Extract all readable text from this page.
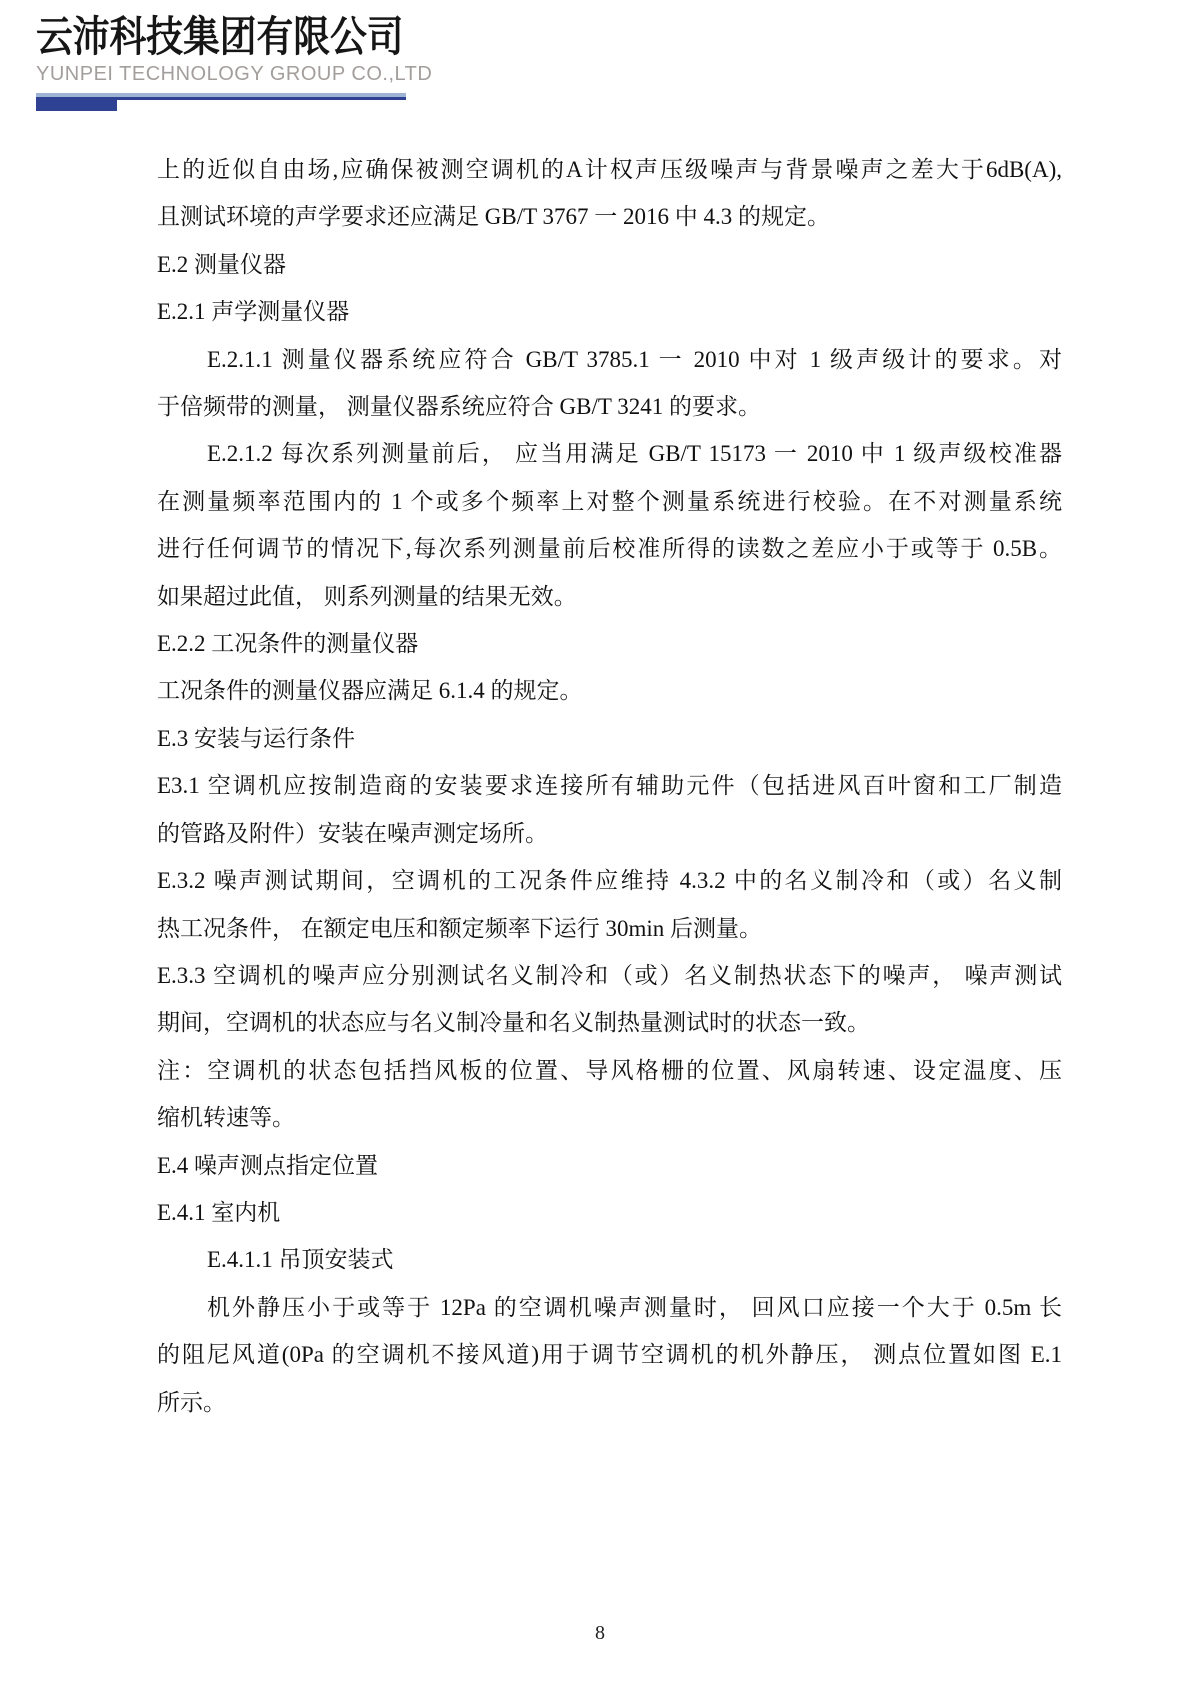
云沛科技集团有限公司
YUNPEI TECHNOLOGY GROUP CO.,LTD
上的近似自由场,应确保被测空调机的A计权声压级噪声与背景噪声之差大于6dB(A),
且测试环境的声学要求还应满足 GB/T 3767 一 2016 中 4.3 的规定。
E.2 测量仪器
E.2.1 声学测量仪器
E.2.1.1 测量仪器系统应符合 GB/T 3785.1 一 2010 中对 1 级声级计的要求。对
于倍频带的测量， 测量仪器系统应符合 GB/T 3241 的要求。
E.2.1.2 每次系列测量前后， 应当用满足 GB/T 15173 一 2010 中 1 级声级校准器
在测量频率范围内的 1 个或多个频率上对整个测量系统进行校验。在不对测量系统
进行任何调节的情况下,每次系列测量前后校准所得的读数之差应小于或等于 0.5B。
如果超过此值， 则系列测量的结果无效。
E.2.2 工况条件的测量仪器
工况条件的测量仪器应满足 6.1.4 的规定。
E.3 安装与运行条件
E3.1 空调机应按制造商的安装要求连接所有辅助元件（包括进风百叶窗和工厂制造
的管路及附件）安装在噪声测定场所。
E.3.2 噪声测试期间，空调机的工况条件应维持 4.3.2 中的名义制冷和（或）名义制
热工况条件， 在额定电压和额定频率下运行 30min 后测量。
E.3.3 空调机的噪声应分别测试名义制冷和（或）名义制热状态下的噪声， 噪声测试
期间，空调机的状态应与名义制冷量和名义制热量测试时的状态一致。
注：空调机的状态包括挡风板的位置、导风格栅的位置、风扇转速、设定温度、压
缩机转速等。
E.4 噪声测点指定位置
E.4.1 室内机
E.4.1.1 吊顶安装式
机外静压小于或等于 12Pa 的空调机噪声测量时， 回风口应接一个大于 0.5m 长
的阻尼风道(0Pa 的空调机不接风道)用于调节空调机的机外静压， 测点位置如图 E.1
所示。
8
